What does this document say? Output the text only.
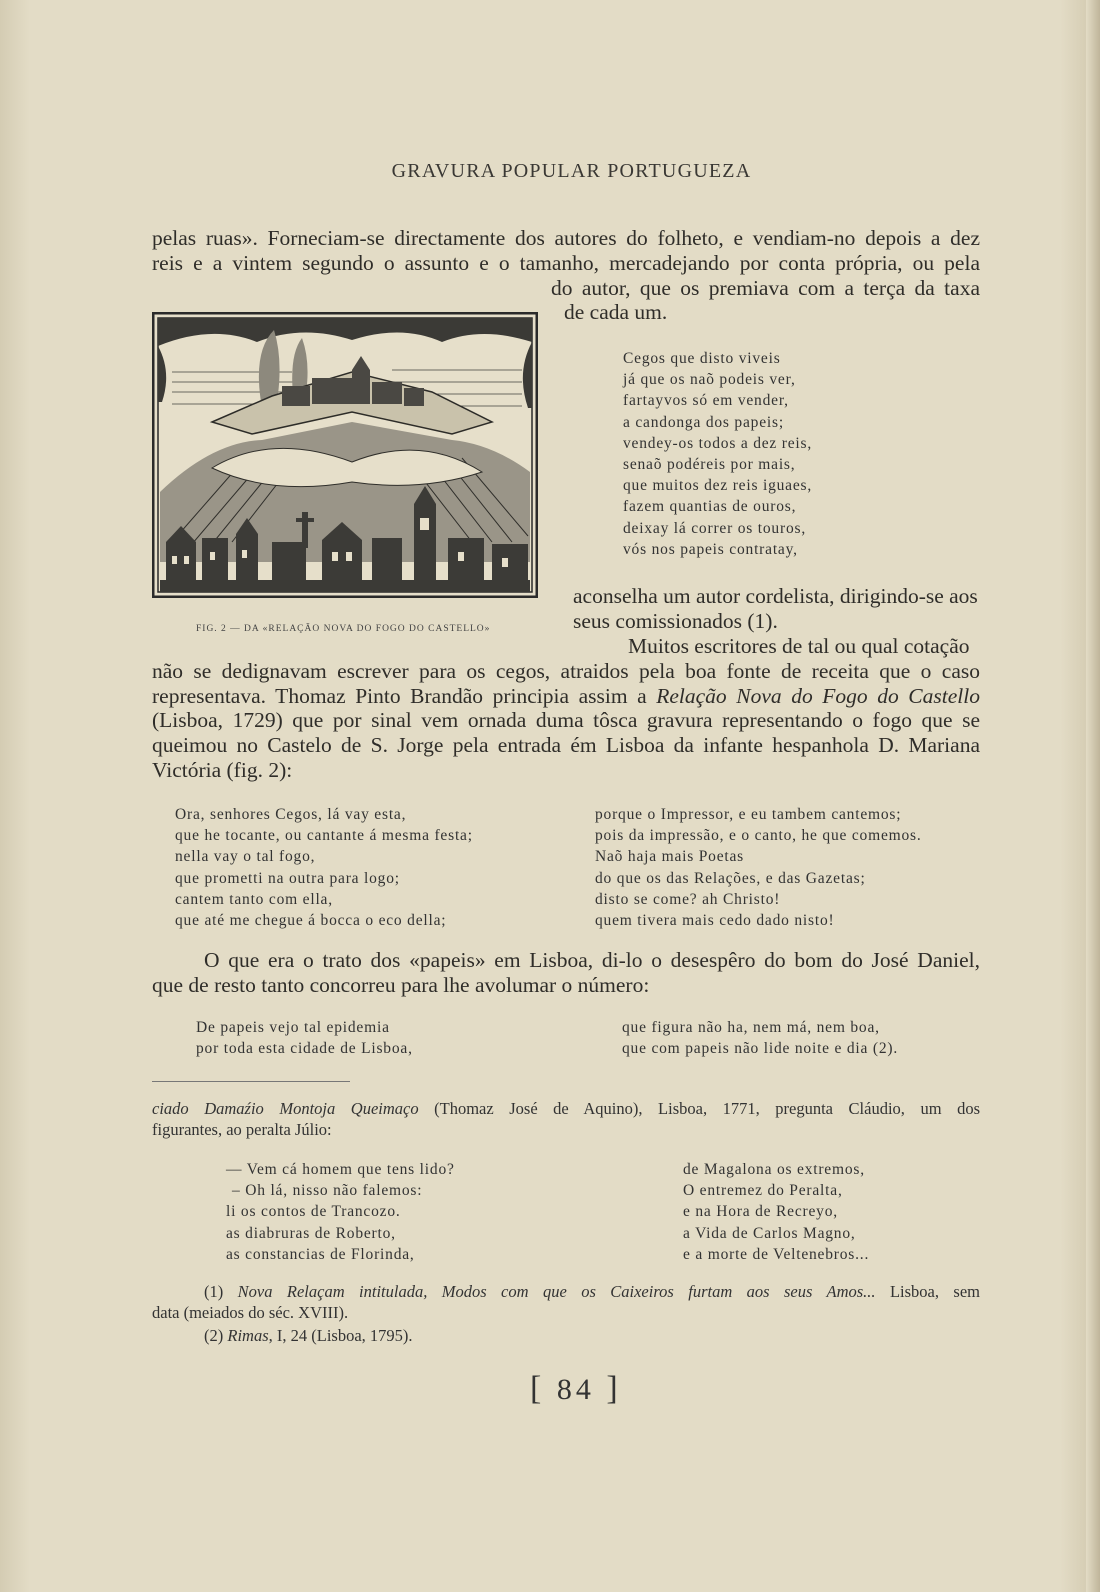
GRAVURA POPULAR PORTUGUEZA
pelas ruas». Forneciam-se directamente dos autores do folheto, e vendiam-no depois a dez
reis e a vintem segundo o assunto e o tamanho, mercadejando por conta própria, ou pela
do autor, que os premiava com a terça da taxa
de cada um.
FIG. 2 — DA «RELAÇÃO NOVA DO FOGO DO CASTELLO»
Cegos que disto viveis
já que os naõ podeis ver,
fartayvos só em vender,
a candonga dos papeis;
vendey-os todos a dez reis,
senaõ podéreis por mais,
que muitos dez reis iguaes,
fazem quantias de ouros,
deixay lá correr os touros,
vós nos papeis contratay,
aconselha um autor cordelista, dirigindo-se aos
seus comissionados (1).
Muitos escritores de tal ou qual cotação
não se dedignavam escrever para os cegos, atraidos pela boa fonte de receita que o caso
representava. Thomaz Pinto Brandão principia assim a Relação Nova do Fogo do Castello
(Lisboa, 1729) que por sinal vem ornada duma tôsca gravura representando o fogo que se
queimou no Castelo de S. Jorge pela entrada ém Lisboa da infante hespanhola D. Mariana
Victória (fig. 2):
Ora, senhores Cegos, lá vay esta,
que he tocante, ou cantante á mesma festa;
nella vay o tal fogo,
que prometti na outra para logo;
cantem tanto com ella,
que até me chegue á bocca o eco della;
porque o Impressor, e eu tambem cantemos;
pois da impressão, e o canto, he que comemos.
Naõ haja mais Poetas
do que os das Relações, e das Gazetas;
disto se come? ah Christo!
quem tivera mais cedo dado nisto!
O que era o trato dos «papeis» em Lisboa, di-lo o desespêro do bom do José Daniel,
que de resto tanto concorreu para lhe avolumar o número:
De papeis vejo tal epidemia
por toda esta cidade de Lisboa,
que figura não ha, nem má, nem boa,
que com papeis não lide noite e dia (2).
ciado Damaźio Montoja Queimaço (Thomaz José de Aquino), Lisboa, 1771, pregunta Cláudio, um dos
figurantes, ao peralta Júlio:
— Vem cá homem que tens lido?
– Oh lá, nisso não falemos:
li os contos de Trancozo.
as diabruras de Roberto,
as constancias de Florinda,
de Magalona os extremos,
O entremez do Peralta,
e na Hora de Recreyo,
a Vida de Carlos Magno,
e a morte de Veltenebros...
(1) Nova Relaçam intitulada, Modos com que os Caixeiros furtam aos seus Amos... Lisboa, sem
data (meiados do séc. XVIII).
(2) Rimas, I, 24 (Lisboa, 1795).
[ 84 ]
